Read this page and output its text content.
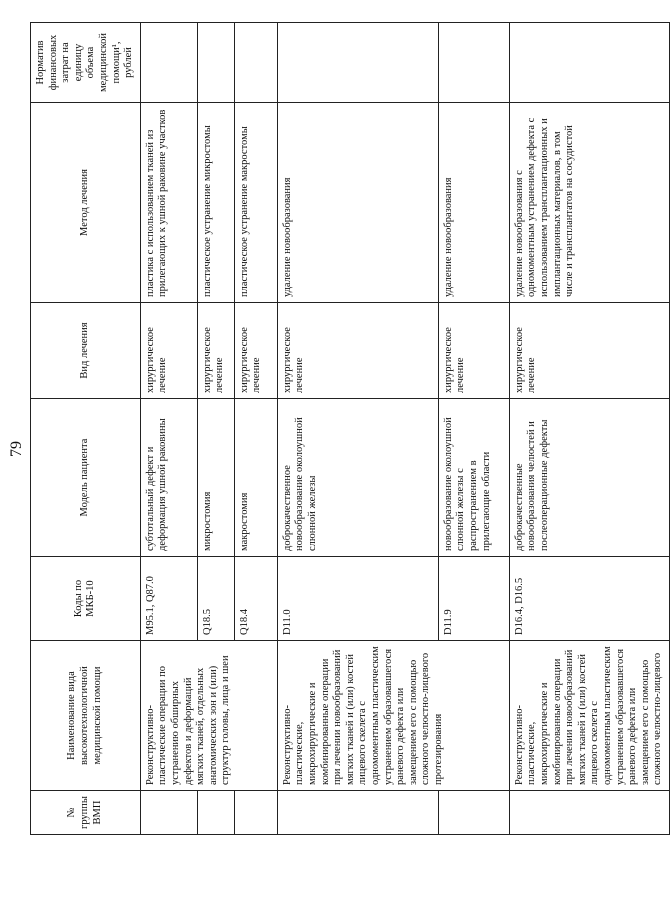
79
№ группы ВМП	Наименование вида высокотехнологичной медицинской помощи	Коды по МКБ-10	Модель пациента	Вид лечения	Метод лечения	Норматив финансовых затрат на единицу объема медицинской помощи¹, рублей
	Реконструктивно-пластические операции по устранению обширных дефектов и деформаций мягких тканей, отдельных анатомических зон и (или) структур головы, лица и шеи	M95.1, Q87.0	субтотальный дефект и деформация ушной раковины	хирургическое лечение	пластика с использованием тканей из прилегающих к ушной раковине участков	
		Q18.5	микростомия	хирургическое лечение	пластическое устранение микростомы	
		Q18.4	макростомия	хирургическое лечение	пластическое устранение макростомы	
	Реконструктивно-пластические, микрохирургические и комбинированные операции при лечении новообразований мягких тканей и (или) костей лицевого скелета с одномоментным пластическим устранением образовавшегося раневого дефекта или замещением его с помощью сложного челюстно-лицевого протезирования	D11.0	доброкачественное новообразование околоушной слюнной железы	хирургическое лечение	удаление новообразования	
		D11.9	новообразование околоушной слюнной железы с распространением в прилегающие области	хирургическое лечение	удаление новообразования	
	Реконструктивно-пластические, микрохирургические и комбинированные операции при лечении новообразований мягких тканей и (или) костей лицевого скелета с одномоментным пластическим устранением образовавшегося раневого дефекта или замещением его с помощью сложного челюстно-лицевого	D16.4, D16.5	доброкачественные новообразования челюстей и послеоперационные дефекты	хирургическое лечение	удаление новообразования с одномоментным устранением дефекта с использованием трансплантационных и имплантационных материалов, в том числе и трансплантатов на сосудистой	
